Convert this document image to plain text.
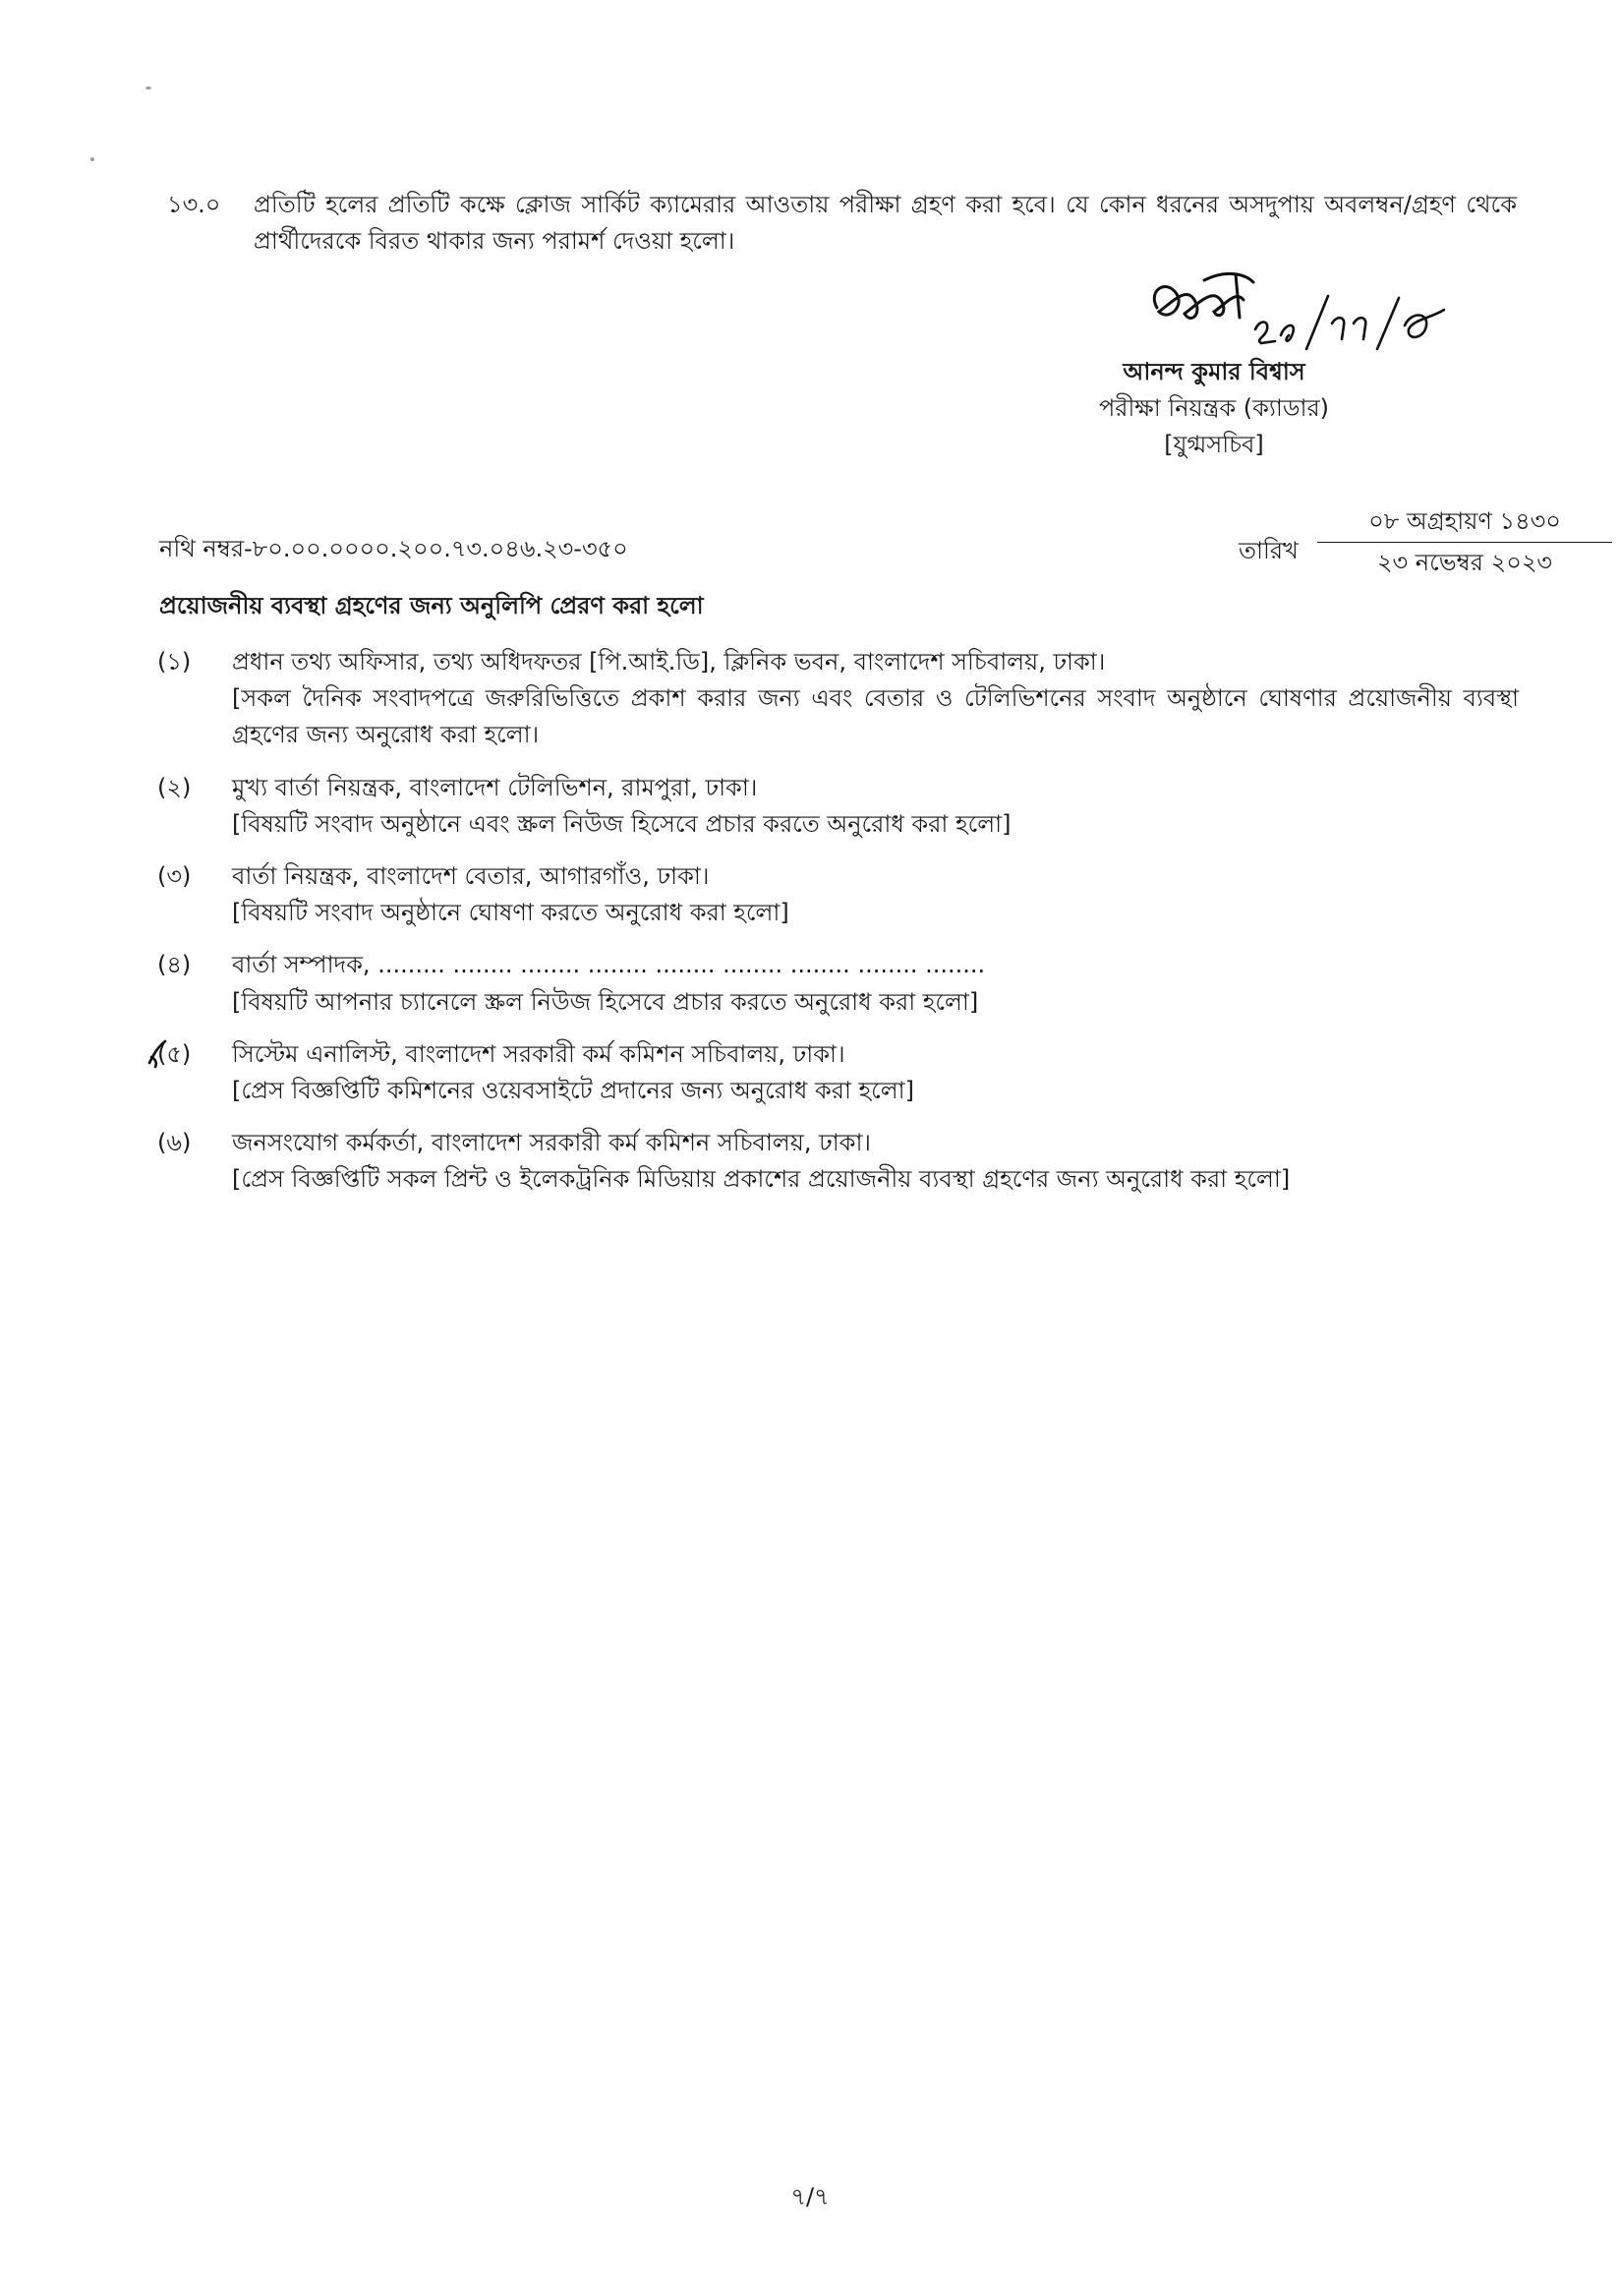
১৩.০	প্রতিটি হলের প্রতিটি কক্ষে ক্লোজ সার্কিট ক্যামেরার আওতায় পরীক্ষা গ্রহণ করা হবে। যে কোন ধরনের অসদুপায় অবলম্বন/গ্রহণ থেকে প্রার্থীদেরকে বিরত থাকার জন্য পরামর্শ দেওয়া হলো।
আনন্দ কুমার বিশ্বাস
পরীক্ষা নিয়ন্ত্রক (ক্যাডার)
[যুগ্মসচিব]
নথি নম্বর-৮০.০০.০০০০.২০০.৭৩.০৪৬.২৩-৩৫০	তারিখ
০৮ অগ্রহায়ণ ১৪৩০
২৩ নভেম্বর ২০২৩
প্রয়োজনীয় ব্যবস্থা গ্রহণের জন্য অনুলিপি প্রেরণ করা হলো
(১) প্রধান তথ্য অফিসার, তথ্য অধিদফতর [পি.আই.ডি], ক্লিনিক ভবন, বাংলাদেশ সচিবালয়, ঢাকা।
[সকল দৈনিক সংবাদপত্রে জরুরিভিত্তিতে প্রকাশ করার জন্য এবং বেতার ও টেলিভিশনের সংবাদ অনুষ্ঠানে ঘোষণার প্রয়োজনীয় ব্যবস্থা গ্রহণের জন্য অনুরোধ করা হলো।
(২) মুখ্য বার্তা নিয়ন্ত্রক, বাংলাদেশ টেলিভিশন, রামপুরা, ঢাকা।
[বিষয়টি সংবাদ অনুষ্ঠানে এবং স্ক্রল নিউজ হিসেবে প্রচার করতে অনুরোধ করা হলো]
(৩) বার্তা নিয়ন্ত্রক, বাংলাদেশ বেতার, আগারগাঁও, ঢাকা।
[বিষয়টি সংবাদ অনুষ্ঠানে ঘোষণা করতে অনুরোধ করা হলো]
(৪) বার্তা সম্পাদক, ......... ........ ........ ........ ........ ........ ........ ........ ........
[বিষয়টি আপনার চ্যানেলে স্ক্রল নিউজ হিসেবে প্রচার করতে অনুরোধ করা হলো]
(৫) সিস্টেম এনালিস্ট, বাংলাদেশ সরকারী কর্ম কমিশন সচিবালয়, ঢাকা।
[প্রেস বিজ্ঞপ্তিটি কমিশনের ওয়েবসাইটে প্রদানের জন্য অনুরোধ করা হলো]
(৬) জনসংযোগ কর্মকর্তা, বাংলাদেশ সরকারী কর্ম কমিশন সচিবালয়, ঢাকা।
[প্রেস বিজ্ঞপ্তিটি সকল প্রিন্ট ও ইলেকট্রনিক মিডিয়ায় প্রকাশের প্রয়োজনীয় ব্যবস্থা গ্রহণের জন্য অনুরোধ করা হলো]
৭/৭
